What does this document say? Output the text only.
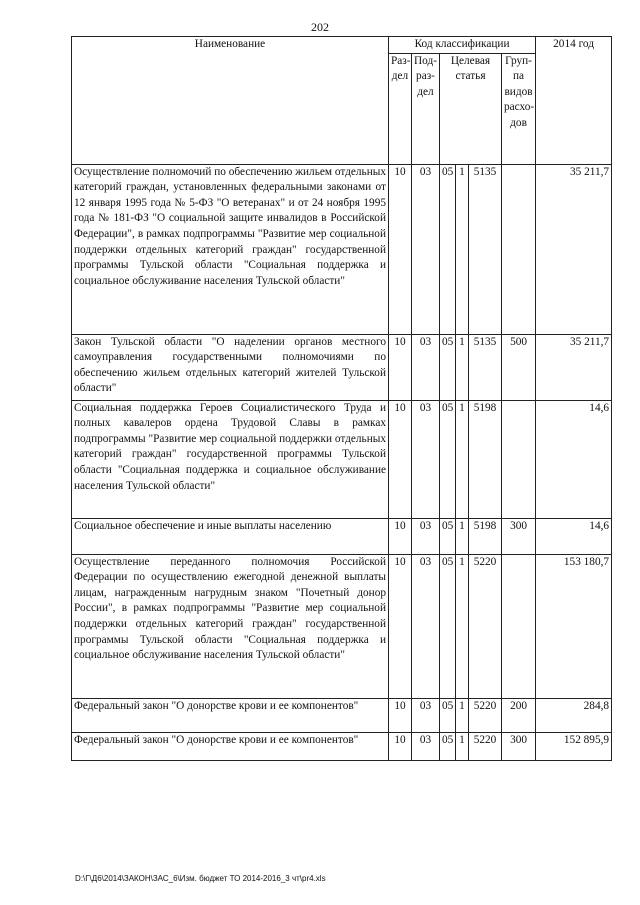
202
Наименование	Код классификации						2014 год
	Раз-дел	Под-раз-дел	Целевая статья			Груп-па видов расхо-дов	
Осуществление полномочий по обеспечению жильем отдельных категорий граждан, установленных федеральными законами от 12 января 1995 года № 5-ФЗ "О ветеранах" и от 24 ноября 1995 года № 181-ФЗ "О социальной защите инвалидов в Российской Федерации", в рамках подпрограммы "Развитие мер социальной поддержки отдельных категорий граждан" государственной программы Тульской области "Социальная поддержка и социальное обслуживание населения Тульской области"	10	03	05	1	5135		35 211,7
Закон Тульской области "О наделении органов местного самоуправления государственными полномочиями по обеспечению жильем отдельных категорий жителей Тульской области"	10	03	05	1	5135	500	35 211,7
Социальная поддержка Героев Социалистического Труда и полных кавалеров ордена Трудовой Славы в рамках подпрограммы "Развитие мер социальной поддержки отдельных категорий граждан" государственной программы Тульской области "Социальная поддержка и социальное обслуживание населения Тульской области"	10	03	05	1	5198		14,6
Социальное обеспечение и иные выплаты населению	10	03	05	1	5198	300	14,6
Осуществление переданного полномочия Российской Федерации по осуществлению ежегодной денежной выплаты лицам, награжденным нагрудным знаком "Почетный донор России", в рамках подпрограммы "Развитие мер социальной поддержки отдельных категорий граждан" государственной программы Тульской области "Социальная поддержка и социальное обслуживание населения Тульской области"	10	03	05	1	5220		153 180,7
Федеральный закон "О донорстве крови и ее компонентов"	10	03	05	1	5220	200	284,8
Федеральный закон "О донорстве крови и ее компонентов"	10	03	05	1	5220	300	152 895,9
D:\Г\Д6\2014\ЗАКОН\ЗАС_6\Изм. бюджет ТО 2014-2016_3 чт\pr4.xls
